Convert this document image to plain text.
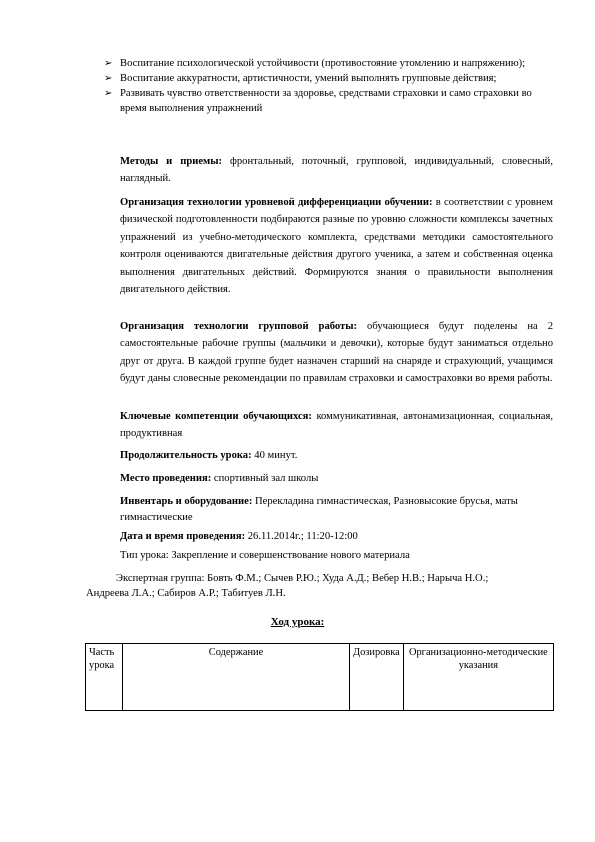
➢ Воспитание психологической устойчивости (противостояние утомлению и напряжению);
➢ Воспитание аккуратности, артистичности, умений выполнять групповые действия;
➢ Развивать чувство ответственности за здоровье, средствами страховки и само страховки во время выполнения упражнений

Методы и приемы: фронтальный, поточный, групповой, индивидуальный, словесный, наглядный.

Организация технологии уровневой дифференциации обучении: в соответствии с уровнем физической подготовленности подбираются разные по уровню сложности комплексы зачетных упражнений из учебно-методического комплекта, средствами методики самостоятельного контроля оцениваются двигательные действия другого ученика, а затем и собственная оценка выполнения двигательных действий. Формируются знания о правильности выполнения двигательного действия.

Организация технологии групповой работы: обучающиеся будут поделены на 2 самостоятельные рабочие группы (мальчики и девочки), которые будут заниматься отдельно друг от друга. В каждой группе будет назначен старший на снаряде и страхующий, учащимся будут даны словесные рекомендации по правилам страховки и самостраховки во время работы.

Ключевые компетенции обучающихся: коммуникативная, автонамизационная, социальная, продуктивная

Продолжительность урока: 40 минут.

Место проведения: спортивный зал школы

Инвентарь и оборудование: Перекладина гимнастическая, Разновысокие брусья, маты гимнастические

Дата и время проведения: 26.11.2014г.; 11:20-12:00

Тип урока: Закрепление и совершенствование нового материала
Экспертная группа: Бовть Ф.М.; Сычев Р.Ю.; Худа А.Д.; Вебер Н.В.; Нарыча Н.О.;
Андреева Л.А.; Сабиров А.Р.; Табитуев Л.Н.
Ход урока:
Часть урока	Содержание	Дозировка	Организационно-методические указания
